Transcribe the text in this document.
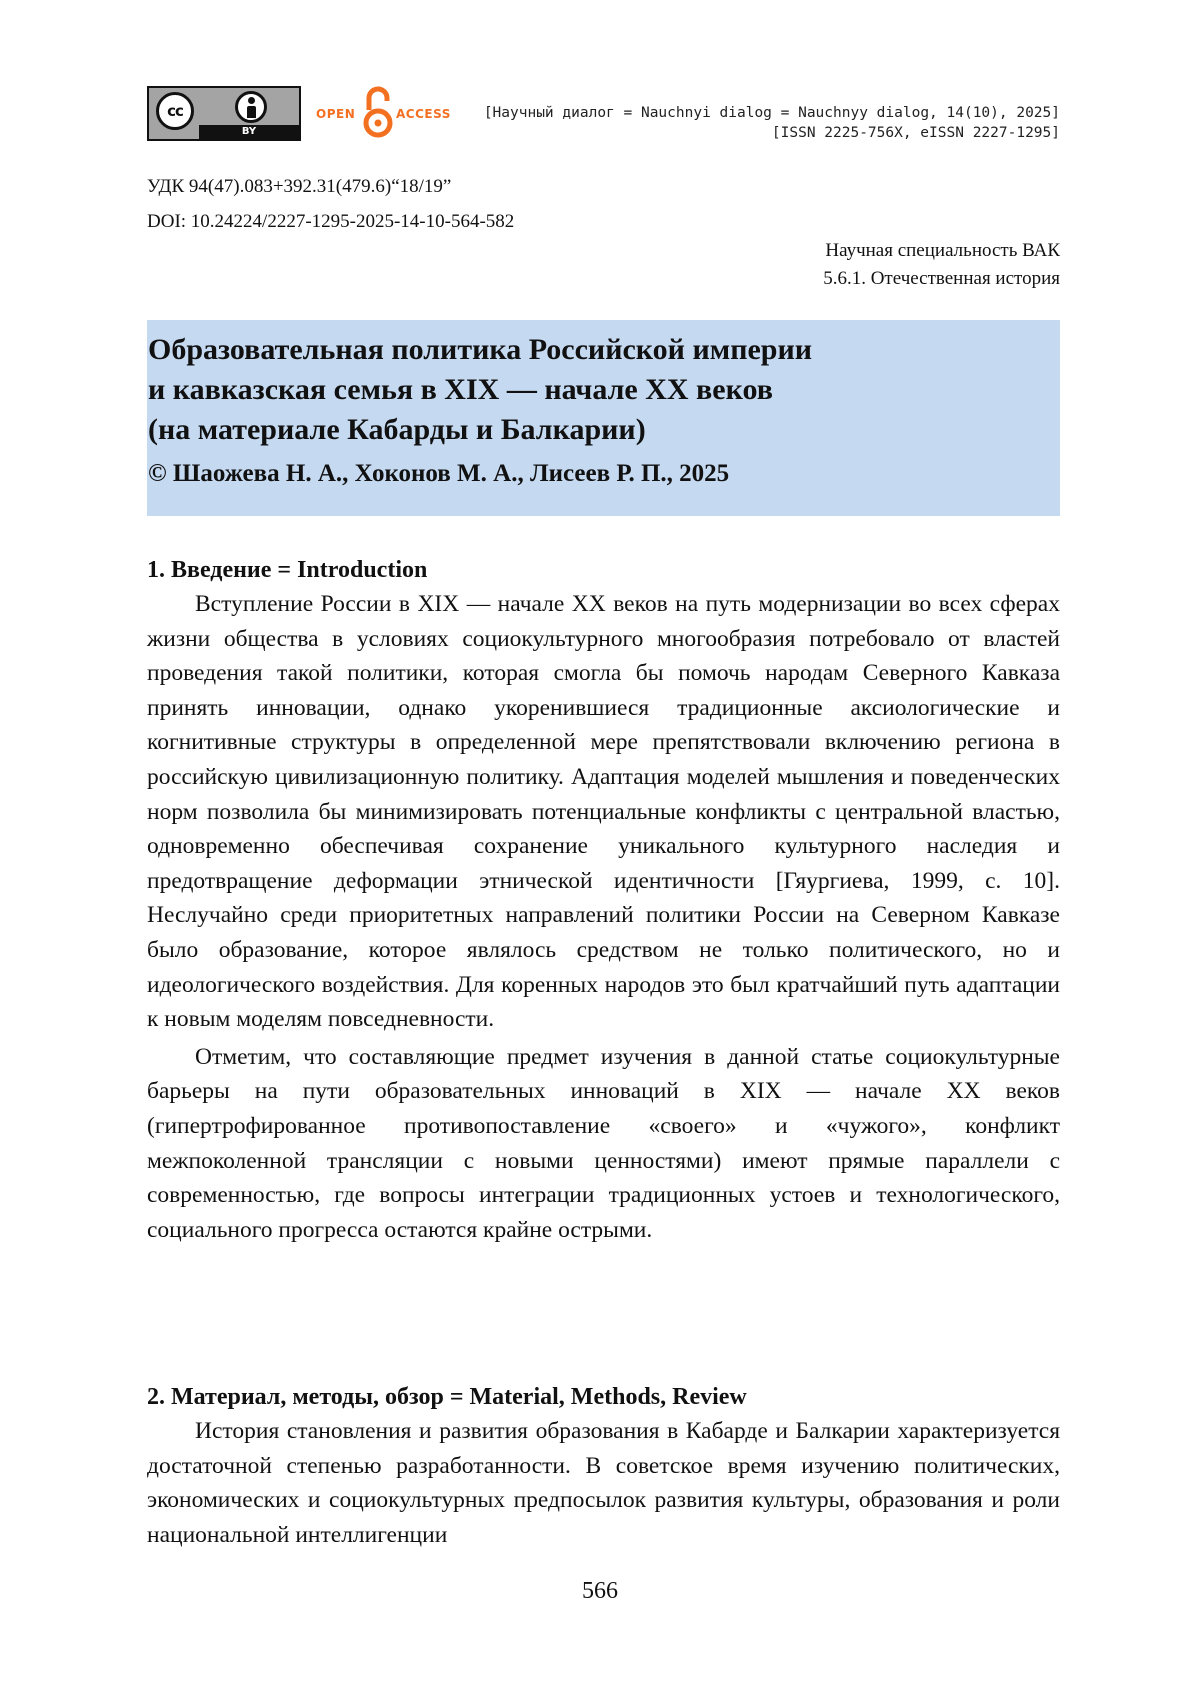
cc
BY
OPEN	ACCESS [Научный диалог = Nauchnyi dialog = Nauchnyy dialog, 14(10), 2025]
[ISSN 2225-756X, eISSN 2227-1295]
УДК 94(47).083+392.31(479.6)“18/19”
DOI: 10.24224/2227-1295-2025-14-10-564-582
Научная специальность ВАК
5.6.1. Отечественная история
Образовательная политика Российской империи
и кавказская семья в XIX — начале XX веков
(на материале Кабарды и Балкарии)
© Шаожева Н. А., Хоконов М. А., Лисеев Р. П., 2025
1. Введение = Introduction

Вступление России в XIX — начале XX веков на путь модернизации во всех сферах жизни общества в условиях социокультурного многообразия потребовало от властей проведения такой политики, которая смогла бы помочь народам Северного Кавказа принять инновации, однако укоренившиеся традиционные аксиологические и когнитивные структуры в определенной мере препятствовали включению региона в российскую цивилизационную политику. Адаптация моделей мышления и поведенческих норм позволила бы минимизировать потенциальные конфликты с центральной властью, одновременно обеспечивая сохранение уникального культурного наследия и предотвращение деформации этнической идентичности [Гяургиева, 1999, с. 10]. Неслучайно среди приоритетных направлений политики России на Северном Кавказе было образование, которое являлось средством не только политического, но и идеологического воздействия. Для коренных народов это был кратчайший путь адаптации к новым моделям повседневности.

Отметим, что составляющие предмет изучения в данной статье социокультурные барьеры на пути образовательных инноваций в XIX — начале XX веков (гипертрофированное противопоставление «своего» и «чужого», конфликт межпоколенной трансляции с новыми ценностями) имеют прямые параллели с современностью, где вопросы интеграции традиционных устоев и технологического, социального прогресса остаются крайне острыми.

2. Материал, методы, обзор = Material, Methods, Review

История становления и развития образования в Кабарде и Балкарии характеризуется достаточной степенью разработанности. В советское время изучению политических, экономических и социокультурных предпосылок развития культуры, образования и роли национальной интеллигенции

566
